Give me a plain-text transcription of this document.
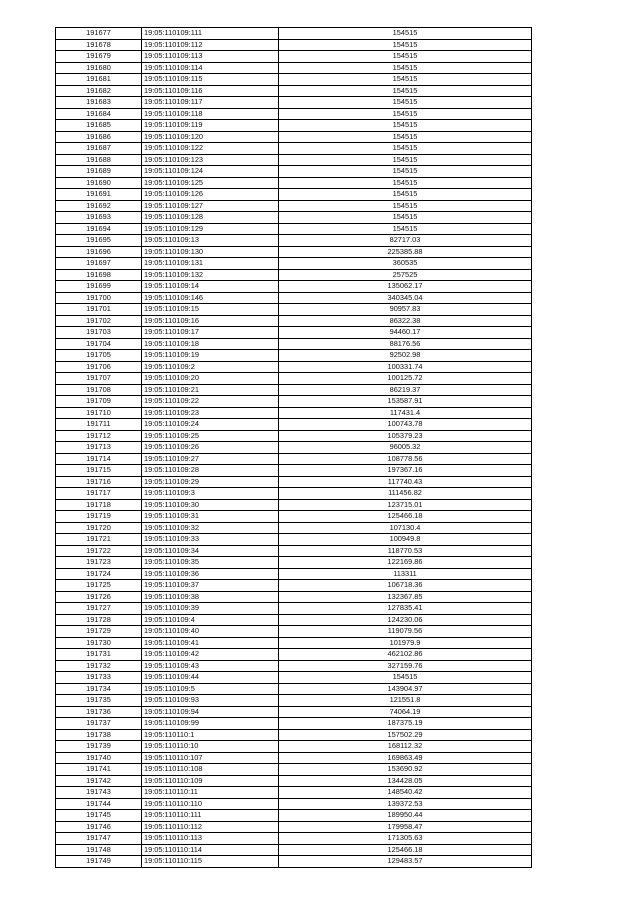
191677	19:05:110109:111	154515
191678	19:05:110109:112	154515
191679	19:05:110109:113	154515
191680	19:05:110109:114	154515
191681	19:05:110109:115	154515
191682	19:05:110109:116	154515
191683	19:05:110109:117	154515
191684	19:05:110109:118	154515
191685	19:05:110109:119	154515
191686	19:05:110109:120	154515
191687	19:05:110109:122	154515
191688	19:05:110109:123	154515
191689	19:05:110109:124	154515
191690	19:05:110109:125	154515
191691	19:05:110109:126	154515
191692	19:05:110109:127	154515
191693	19:05:110109:128	154515
191694	19:05:110109:129	154515
191695	19:05:110109:13	82717.03
191696	19:05:110109:130	225385.88
191697	19:05:110109:131	360535
191698	19:05:110109:132	257525
191699	19:05:110109:14	135062.17
191700	19:05:110109:146	340345.04
191701	19:05:110109:15	90957.83
191702	19:05:110109:16	86322.38
191703	19:05:110109:17	94460.17
191704	19:05:110109:18	88176.56
191705	19:05:110109:19	92502.98
191706	19:05:110109:2	100331.74
191707	19:05:110109:20	100125.72
191708	19:05:110109:21	86219.37
191709	19:05:110109:22	153587.91
191710	19:05:110109:23	117431.4
191711	19:05:110109:24	100743.78
191712	19:05:110109:25	105379.23
191713	19:05:110109:26	96005.32
191714	19:05:110109:27	108778.56
191715	19:05:110109:28	197367.16
191716	19:05:110109:29	117740.43
191717	19:05:110109:3	111456.82
191718	19:05:110109:30	123715.01
191719	19:05:110109:31	125466.18
191720	19:05:110109:32	107130.4
191721	19:05:110109:33	100949.8
191722	19:05:110109:34	118770.53
191723	19:05:110109:35	122169.86
191724	19:05:110109:36	113311
191725	19:05:110109:37	106718.36
191726	19:05:110109:38	132367.85
191727	19:05:110109:39	127835.41
191728	19:05:110109:4	124230.06
191729	19:05:110109:40	119079.56
191730	19:05:110109:41	101979.9
191731	19:05:110109:42	462102.86
191732	19:05:110109:43	327159.76
191733	19:05:110109:44	154515
191734	19:05:110109:5	143904.97
191735	19:05:110109:93	121551.8
191736	19:05:110109:94	74064.19
191737	19:05:110109:99	187375.19
191738	19:05:110110:1	157502.29
191739	19:05:110110:10	168112.32
191740	19:05:110110:107	169863.49
191741	19:05:110110:108	153690.92
191742	19:05:110110:109	134428.05
191743	19:05:110110:11	148540.42
191744	19:05:110110:110	139372.53
191745	19:05:110110:111	189950.44
191746	19:05:110110:112	179958.47
191747	19:05:110110:113	171305.63
191748	19:05:110110:114	125466.18
191749	19:05:110110:115	129483.57
